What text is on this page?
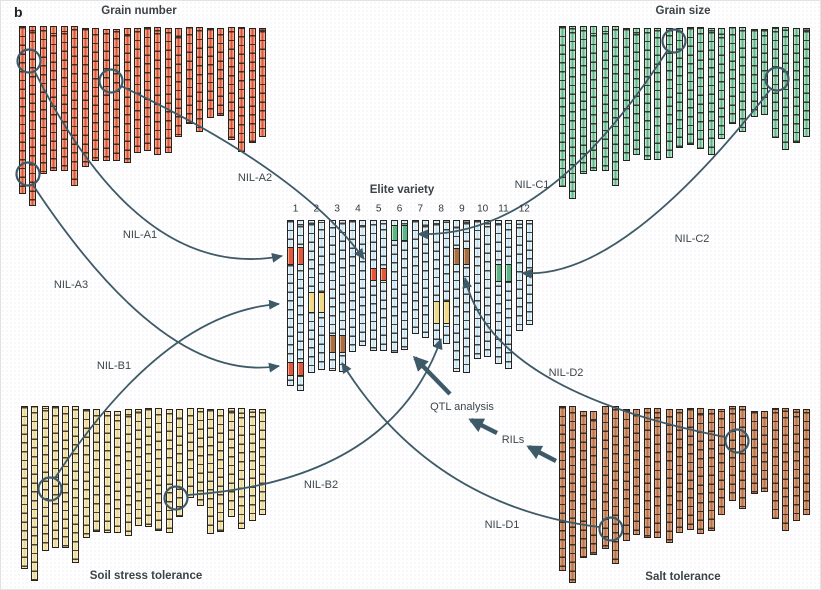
b	Grain number	Grain size
Soil stress tolerance	Salt tolerance
Elite variety
1 2 3 4 5 6 7 8 9 10 11 12
NIL-A1
NIL-A2
NIL-A3
NIL-B1
NIL-B2
NIL-C1
NIL-C2
NIL-D1
NIL-D2
QTL analysis
RILs
